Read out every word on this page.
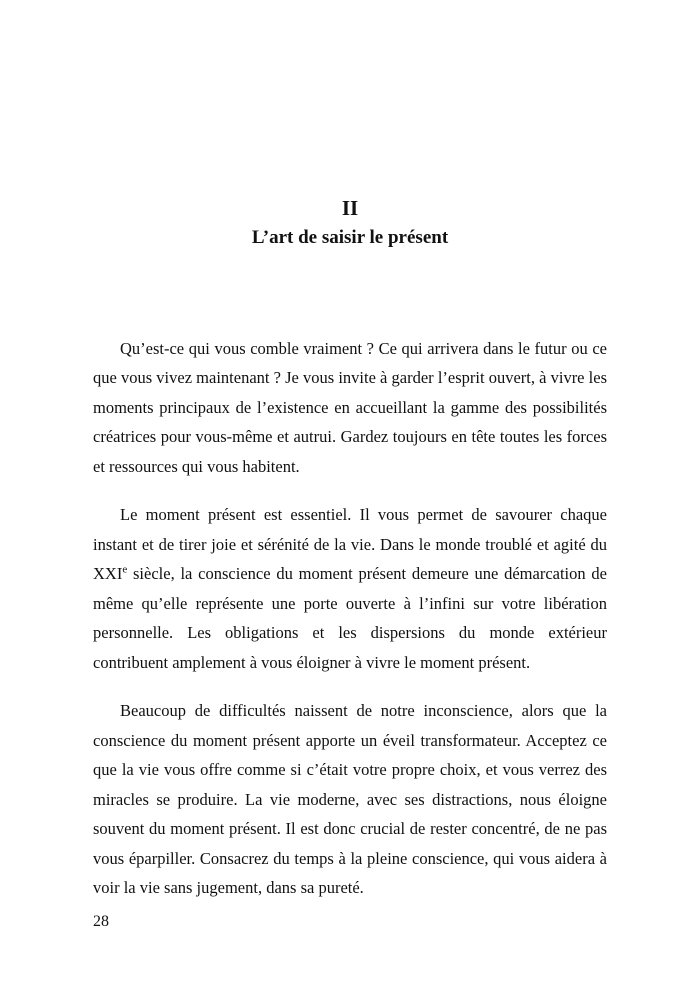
II
L’art de saisir le présent

Qu’est-ce qui vous comble vraiment ? Ce qui arrivera dans le futur ou ce que vous vivez maintenant ? Je vous invite à garder l’esprit ouvert, à vivre les moments principaux de l’existence en accueillant la gamme des possibilités créatrices pour vous-même et autrui. Gardez toujours en tête toutes les forces et ressources qui vous habitent.

Le moment présent est essentiel. Il vous permet de savourer chaque instant et de tirer joie et sérénité de la vie. Dans le monde troublé et agité du XXIe siècle, la conscience du moment présent demeure une démarcation de même qu’elle représente une porte ouverte à l’infini sur votre libération personnelle. Les obligations et les dispersions du monde extérieur contribuent amplement à vous éloigner à vivre le moment présent.

Beaucoup de difficultés naissent de notre inconscience, alors que la conscience du moment présent apporte un éveil transformateur. Acceptez ce que la vie vous offre comme si c’était votre propre choix, et vous verrez des miracles se produire. La vie moderne, avec ses distractions, nous éloigne souvent du moment présent. Il est donc crucial de rester concentré, de ne pas vous éparpiller. Consacrez du temps à la pleine conscience, qui vous aidera à voir la vie sans jugement, dans sa pureté.

28
